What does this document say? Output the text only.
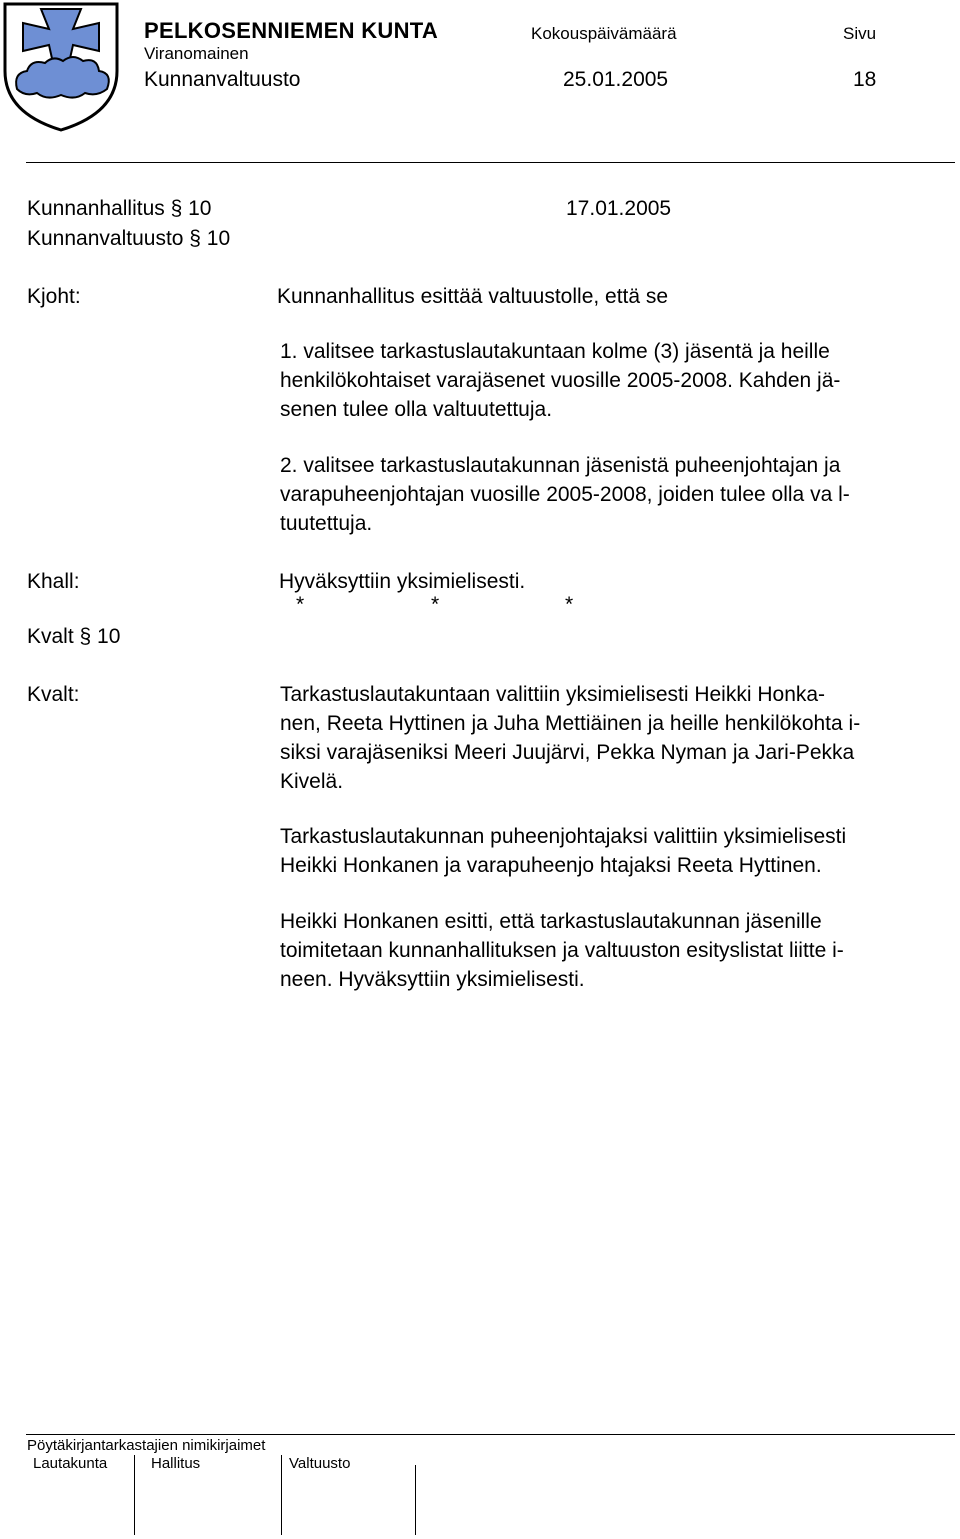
PELKOSENNIEMEN KUNTA
Viranomainen
Kunnanvaltuusto
Kokouspäivämäärä
25.01.2005
Sivu
18
Kunnanhallitus § 10	17.01.2005
Kunnanvaltuusto § 10
Kjoht:	Kunnanhallitus esittää valtuustolle, että se
1. valitsee tarkastuslautakuntaan kolme (3) jäsentä ja heille
henkilökohtaiset varajäsenet vuosille 2005-2008. Kahden jä-
senen tulee olla valtuutettuja.
2. valitsee tarkastuslautakunnan jäsenistä puheenjohtajan ja
varapuheenjohtajan vuosille 2005-2008, joiden tulee olla va l-
tuutettuja.
Khall:	Hyväksyttiin yksimielisesti.
*	*	*
Kvalt § 10
Kvalt:	Tarkastuslautakuntaan valittiin yksimielisesti Heikki Honka-
nen, Reeta Hyttinen ja Juha Mettiäinen ja heille henkilökohta i-
siksi varajäseniksi Meeri Juujärvi, Pekka Nyman ja Jari-Pekka
Kivelä.
Tarkastuslautakunnan puheenjohtajaksi valittiin yksimielisesti
Heikki Honkanen ja varapuheenjo htajaksi Reeta Hyttinen.
Heikki Honkanen esitti, että tarkastuslautakunnan jäsenille
toimitetaan kunnanhallituksen ja valtuuston esityslistat liitte i-
neen. Hyväksyttiin yksimielisesti.
Pöytäkirjantarkastajien nimikirjaimet
Lautakunta	Hallitus	Valtuusto
